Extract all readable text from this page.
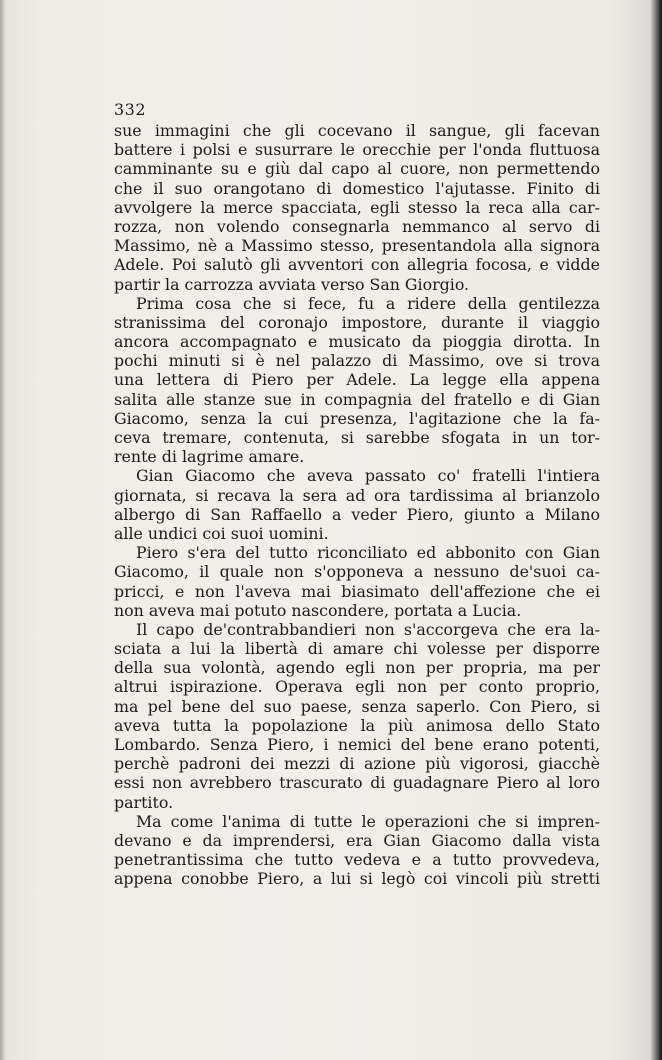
332
sue immagini che gli cocevano il sangue, gli facevan
battere i polsi e susurrare le orecchie per l'onda fluttuosa
camminante su e giù dal capo al cuore, non permettendo
che il suo orangotano di domestico l'ajutasse. Finito di
avvolgere la merce spacciata, egli stesso la reca alla car-
rozza, non volendo consegnarla nemmanco al servo di
Massimo, nè a Massimo stesso, presentandola alla signora
Adele. Poi salutò gli avventori con allegria focosa, e vidde
partir la carrozza avviata verso San Giorgio.
Prima cosa che si fece, fu a ridere della gentilezza
stranissima del coronajo impostore, durante il viaggio
ancora accompagnato e musicato da pioggia dirotta. In
pochi minuti si è nel palazzo di Massimo, ove si trova
una lettera di Piero per Adele. La legge ella appena
salita alle stanze sue in compagnia del fratello e di Gian
Giacomo, senza la cui presenza, l'agitazione che la fa-
ceva tremare, contenuta, si sarebbe sfogata in un tor-
rente di lagrime amare.
Gian Giacomo che aveva passato co' fratelli l'intiera
giornata, si recava la sera ad ora tardissima al brianzolo
albergo di San Raffaello a veder Piero, giunto a Milano
alle undici coi suoi uomini.
Piero s'era del tutto riconciliato ed abbonito con Gian
Giacomo, il quale non s'opponeva a nessuno de'suoi ca-
pricci, e non l'aveva mai biasimato dell'affezione che ei
non aveva mai potuto nascondere, portata a Lucia.
Il capo de'contrabbandieri non s'accorgeva che era la-
sciata a lui la libertà di amare chi volesse per disporre
della sua volontà, agendo egli non per propria, ma per
altrui ispirazione. Operava egli non per conto proprio,
ma pel bene del suo paese, senza saperlo. Con Piero, si
aveva tutta la popolazione la più animosa dello Stato
Lombardo. Senza Piero, i nemici del bene erano potenti,
perchè padroni dei mezzi di azione più vigorosi, giacchè
essi non avrebbero trascurato di guadagnare Piero al loro
partito.
Ma come l'anima di tutte le operazioni che si impren-
devano e da imprendersi, era Gian Giacomo dalla vista
penetrantissima che tutto vedeva e a tutto provvedeva,
appena conobbe Piero, a lui si legò coi vincoli più stretti
